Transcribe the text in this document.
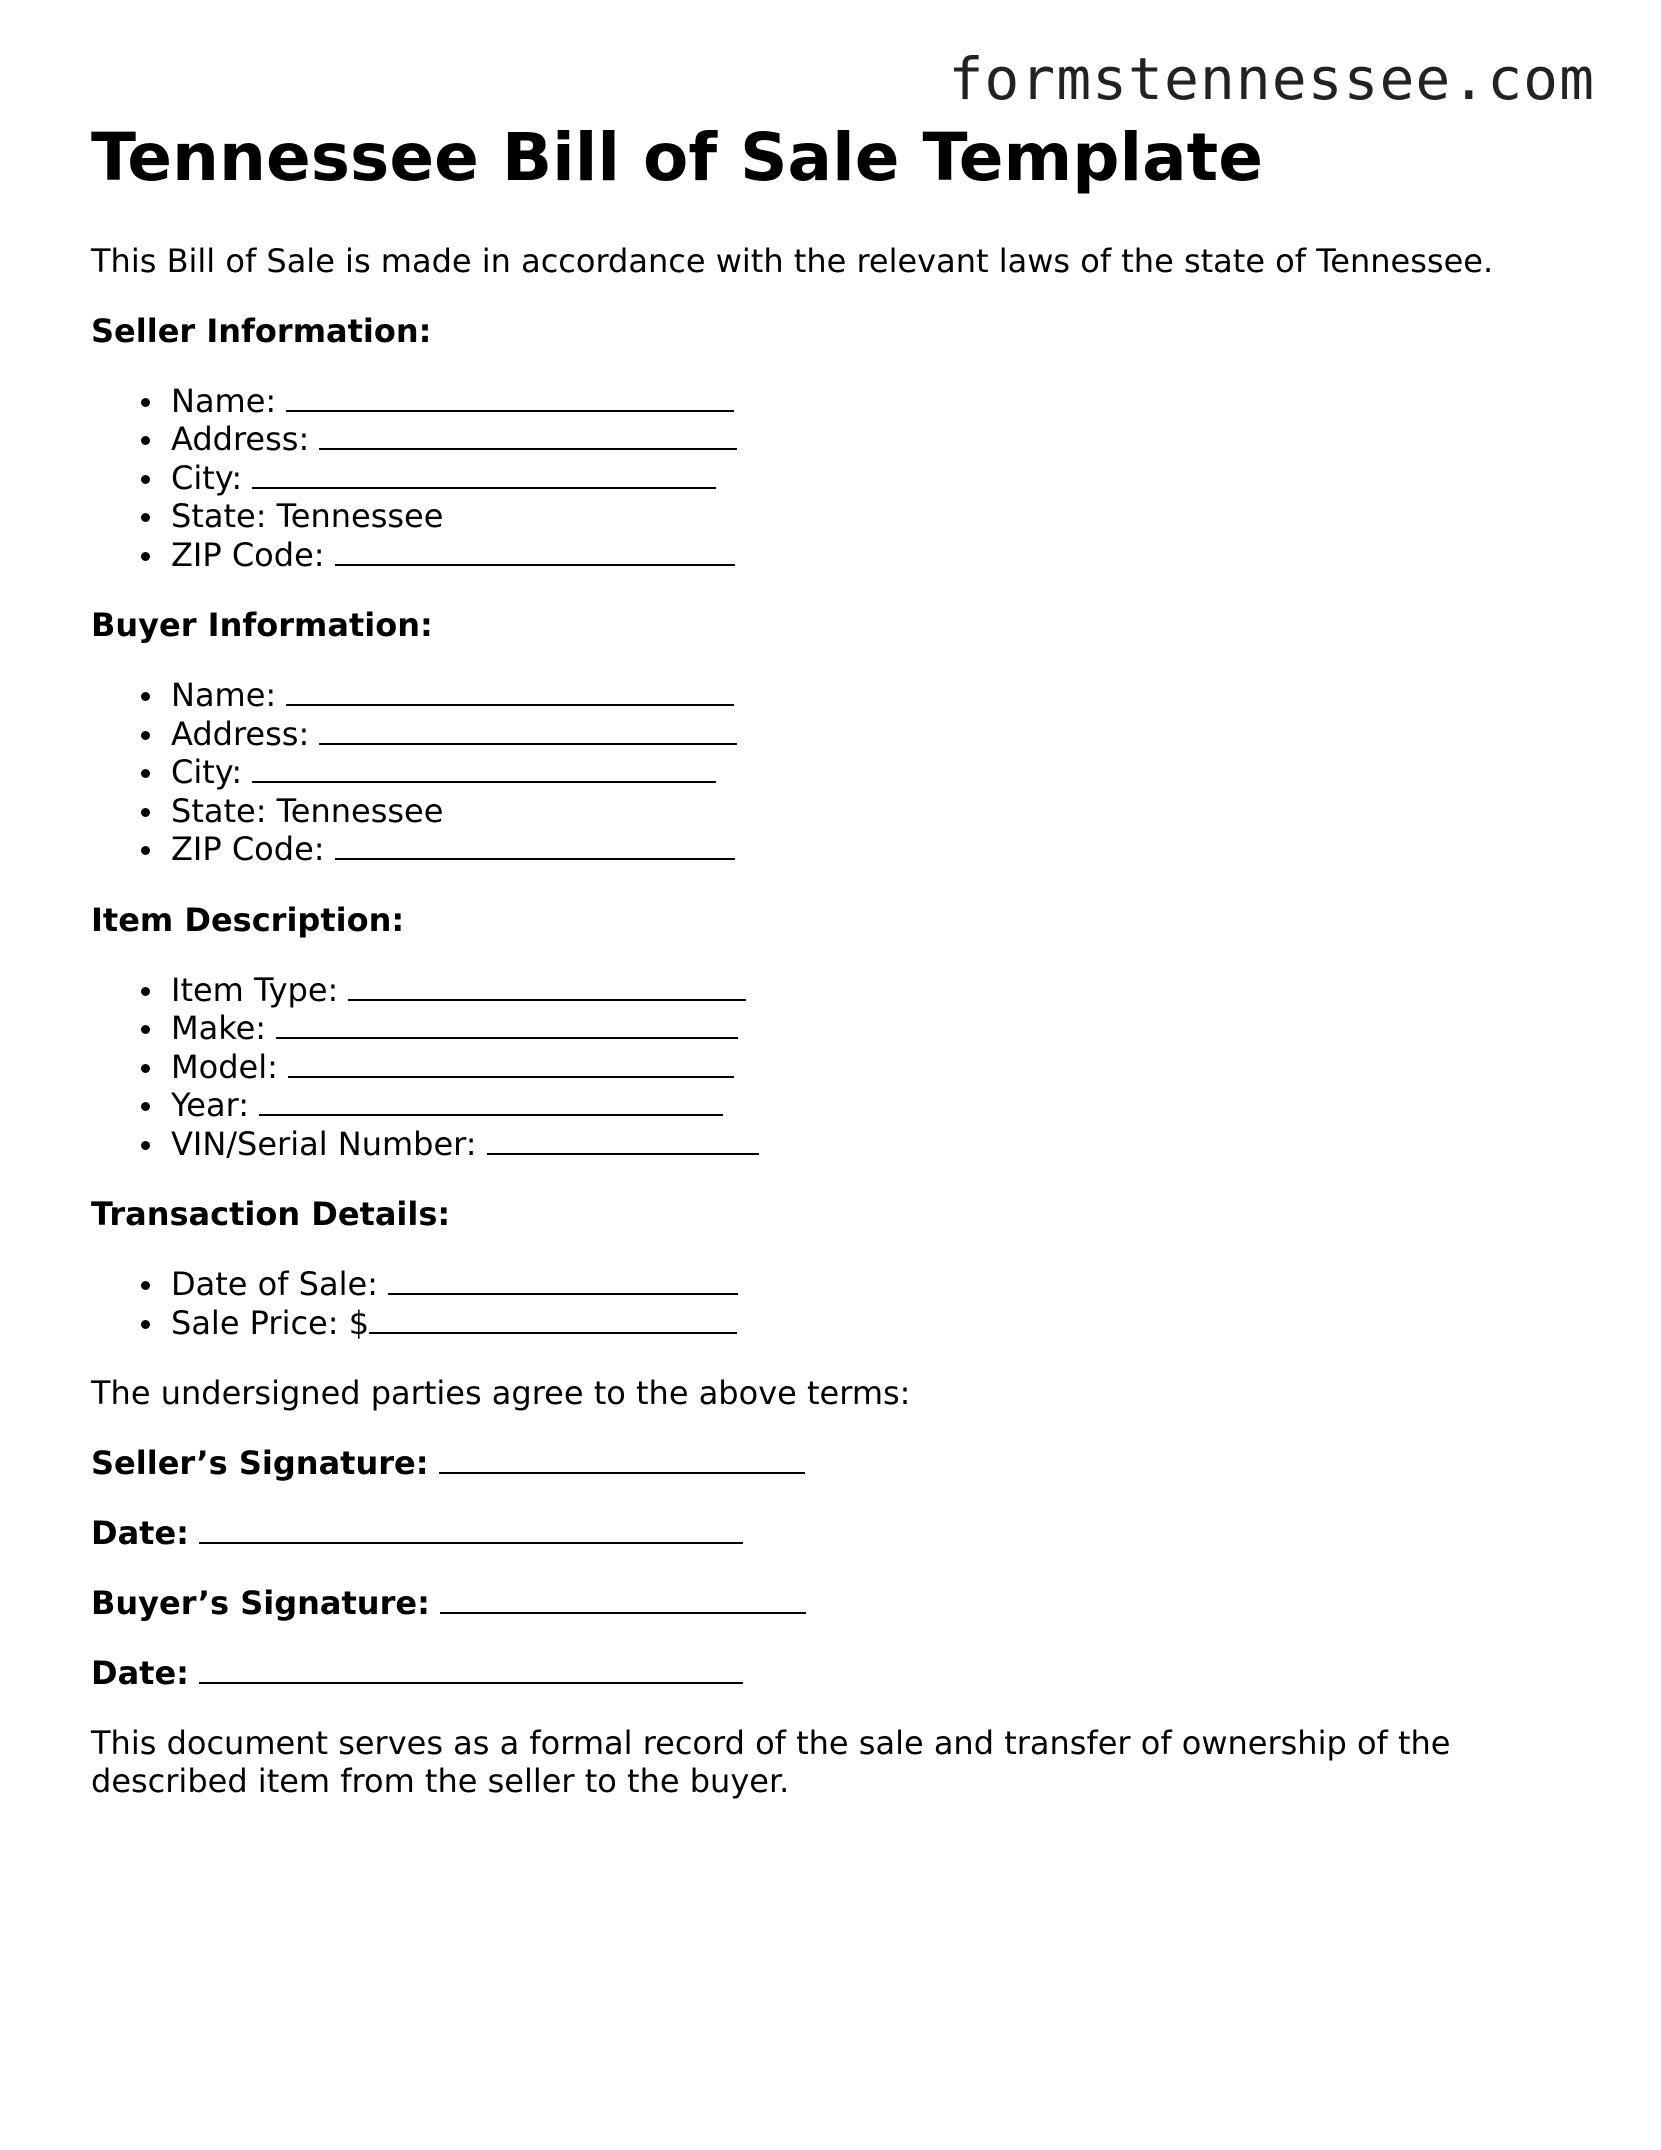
formstennessee.com
Tennessee Bill of Sale Template

This Bill of Sale is made in accordance with the relevant laws of the state of Tennessee.

Seller Information:
Name:
Address:
City:
State: Tennessee
ZIP Code:
Buyer Information:
Name:
Address:
City:
State: Tennessee
ZIP Code:
Item Description:
Item Type:
Make:
Model:
Year:
VIN/Serial Number:
Transaction Details:
Date of Sale:
Sale Price: $

The undersigned parties agree to the above terms:

Seller’s Signature:
Date:
Buyer’s Signature:
Date:

This document serves as a formal record of the sale and transfer of ownership of the described item from the seller to the buyer.
